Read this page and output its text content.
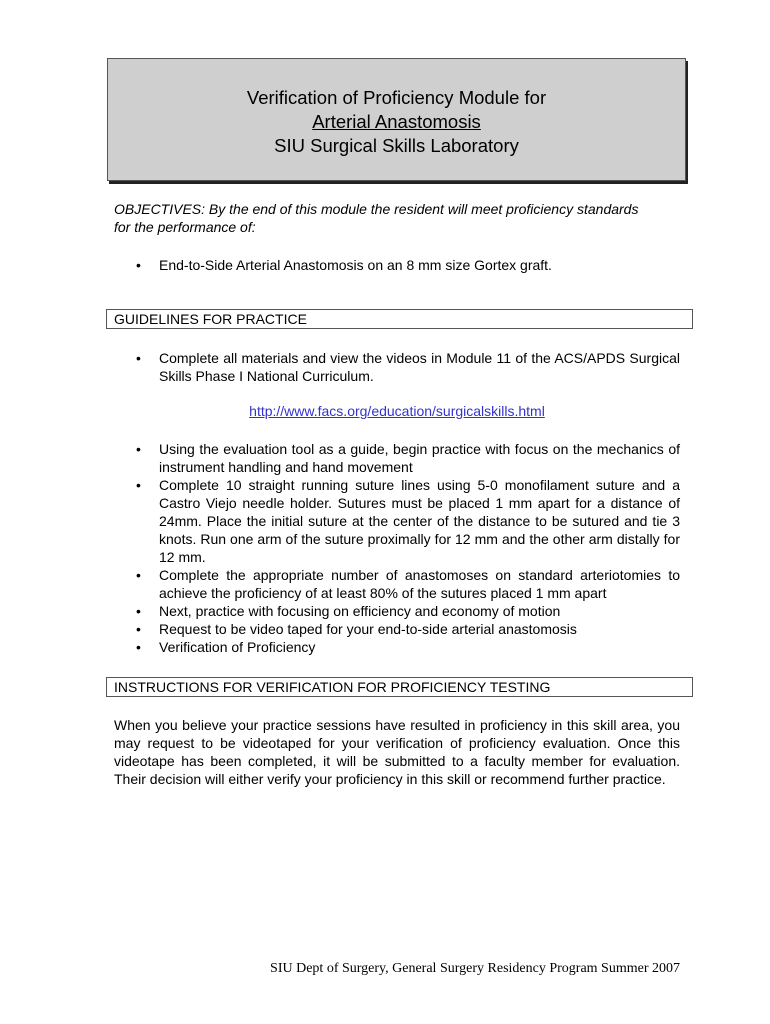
Verification of Proficiency Module for
Arterial Anastomosis
SIU Surgical Skills Laboratory
OBJECTIVES: By the end of this module the resident will meet proficiency standards for the performance of:
• End-to-Side Arterial Anastomosis on an 8 mm size Gortex graft.
GUIDELINES FOR PRACTICE
• Complete all materials and view the videos in Module 11 of the ACS/APDS Surgical Skills Phase I National Curriculum.
http://www.facs.org/education/surgicalskills.html
• Using the evaluation tool as a guide, begin practice with focus on the mechanics of instrument handling and hand movement
• Complete 10 straight running suture lines using 5-0 monofilament suture and a Castro Viejo needle holder. Sutures must be placed 1 mm apart for a distance of 24mm. Place the initial suture at the center of the distance to be sutured and tie 3 knots. Run one arm of the suture proximally for 12 mm and the other arm distally for 12 mm.
• Complete the appropriate number of anastomoses on standard arteriotomies to achieve the proficiency of at least 80% of the sutures placed 1 mm apart
• Next, practice with focusing on efficiency and economy of motion
• Request to be video taped for your end-to-side arterial anastomosis
• Verification of Proficiency
INSTRUCTIONS FOR VERIFICATION FOR PROFICIENCY TESTING
When you believe your practice sessions have resulted in proficiency in this skill area, you may request to be videotaped for your verification of proficiency evaluation. Once this videotape has been completed, it will be submitted to a faculty member for evaluation. Their decision will either verify your proficiency in this skill or recommend further practice.
SIU Dept of Surgery, General Surgery Residency Program Summer 2007
